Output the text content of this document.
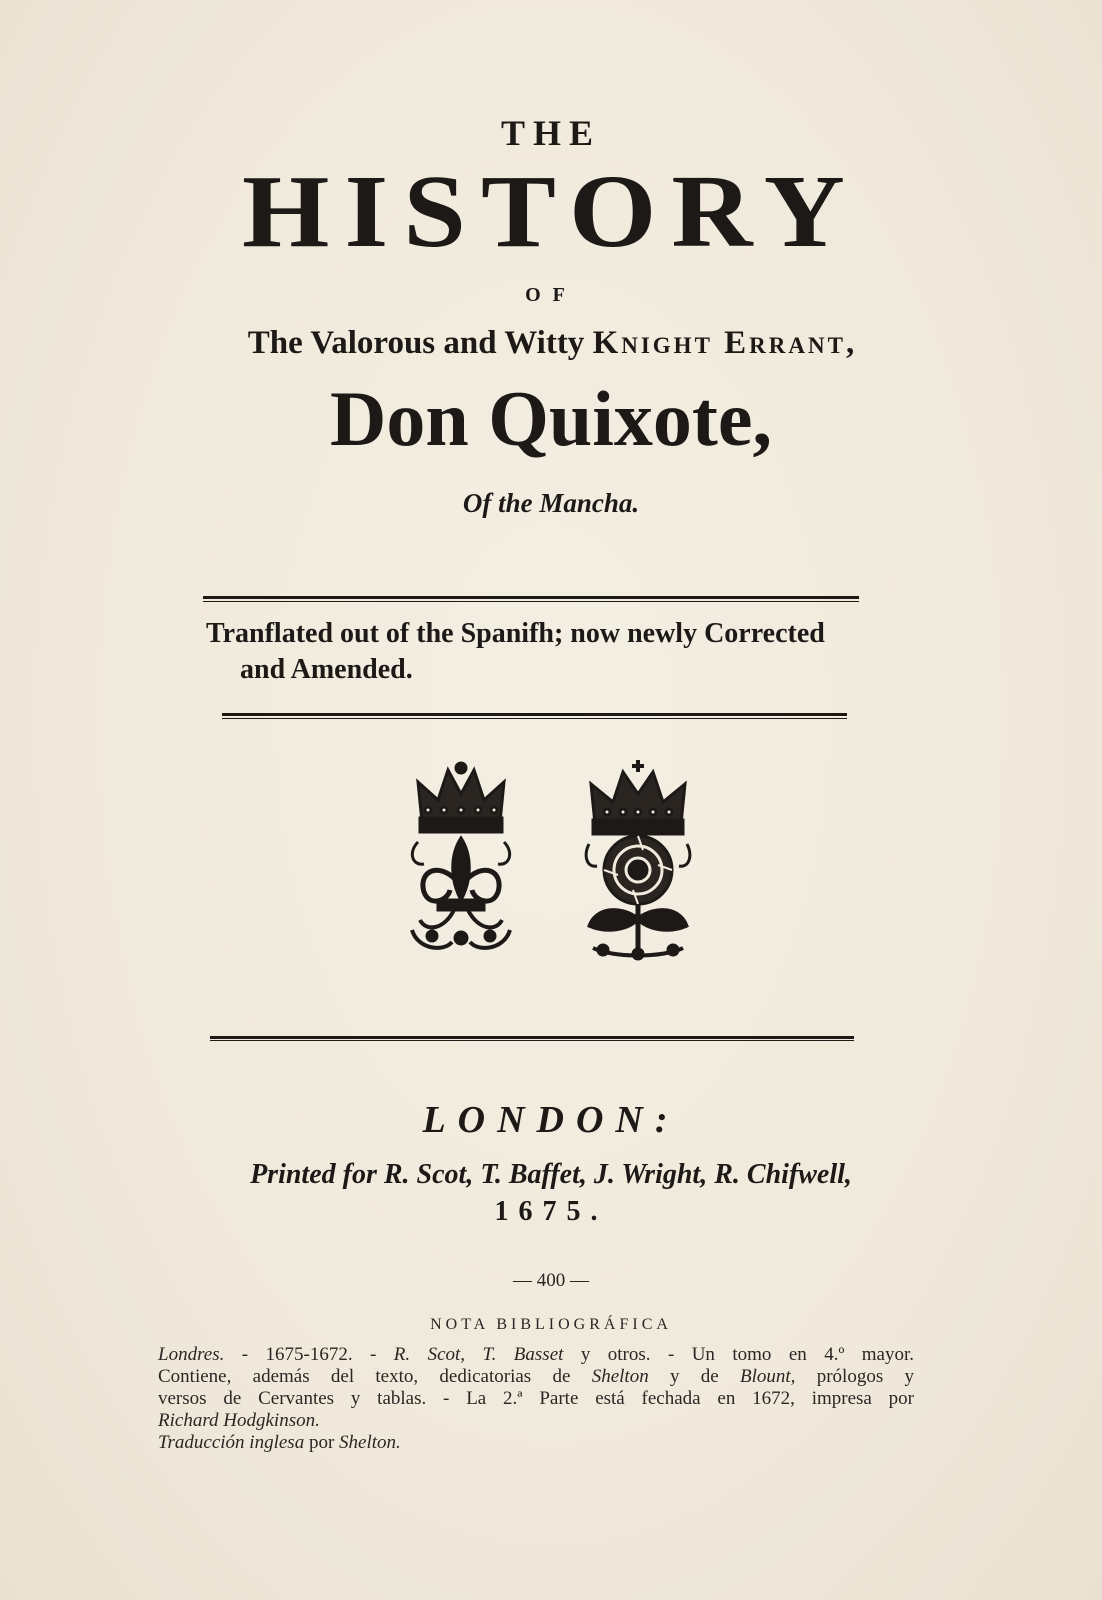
THE
HISTORY
OF
The Valorous and Witty Knight Errant,
Don Quixote,
Of the Mancha.
Tranflated out of the Spanifh; now newly Corrected
and Amended.
LONDON:
Printed for R. Scot, T. Baffet, J. Wright, R. Chifwell,
1675.
— 400 —
NOTA BIBLIOGRÁFICA
Londres. - 1675-1672. - R. Scot, T. Basset y otros. - Un tomo en 4.º mayor.
Contiene, además del texto, dedicatorias de Shelton y de Blount, prólogos y
versos de Cervantes y tablas. - La 2.ª Parte está fechada en 1672, impresa por
Richard Hodgkinson.
Traducción inglesa por Shelton.
